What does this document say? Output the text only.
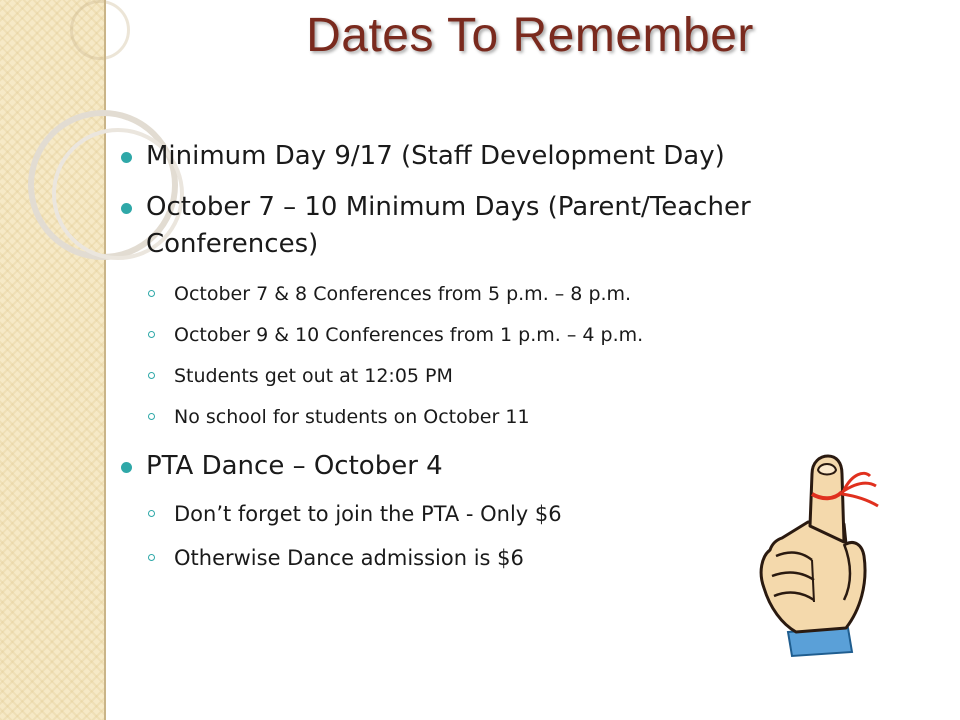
Dates To Remember
Minimum Day 9/17 (Staff Development Day)
October 7 – 10 Minimum Days (Parent/Teacher Conferences)
October 7 & 8 Conferences from 5 p.m. – 8 p.m.
October 9 & 10 Conferences from 1 p.m. – 4 p.m.
Students get out at 12:05 PM
No school for students on October 11
PTA Dance – October 4
Don’t forget to join the PTA - Only $6
Otherwise Dance admission is $6
